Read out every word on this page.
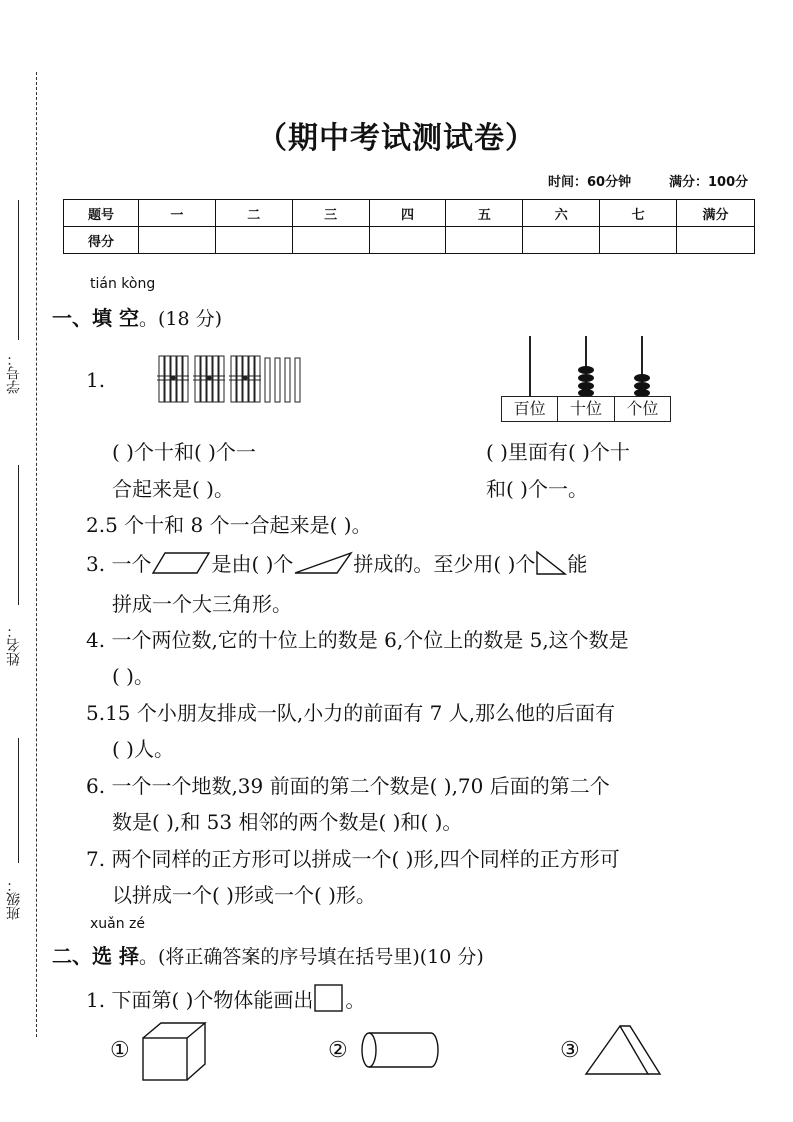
学号：
姓名：
班级：
（期中考试测试卷）
时间：60分钟	满分：100分
题号	一	二	三	四	五	六	七	满分
得分								
tián kòng
一、填 空。(18 分)
1.
百位	十位	个位
( )个十和( )个一
合起来是( )。
( )里面有( )个十
和( )个一。
2.5 个十和 8 个一合起来是( )。
3. 一个	是由( )个	拼成的。至少用( )个 能
拼成一个大三角形。
4. 一个两位数,它的十位上的数是 6,个位上的数是 5,这个数是
( )。
5.15 个小朋友排成一队,小力的前面有 7 人,那么他的后面有
( )人。
6. 一个一个地数,39 前面的第二个数是( ),70 后面的第二个
数是( ),和 53 相邻的两个数是( )和( )。
7. 两个同样的正方形可以拼成一个( )形,四个同样的正方形可
以拼成一个( )形或一个( )形。
xuǎn zé
二、选 择。(将正确答案的序号填在括号里)(10 分)
1. 下面第( )个物体能画出 。
①	②	③
